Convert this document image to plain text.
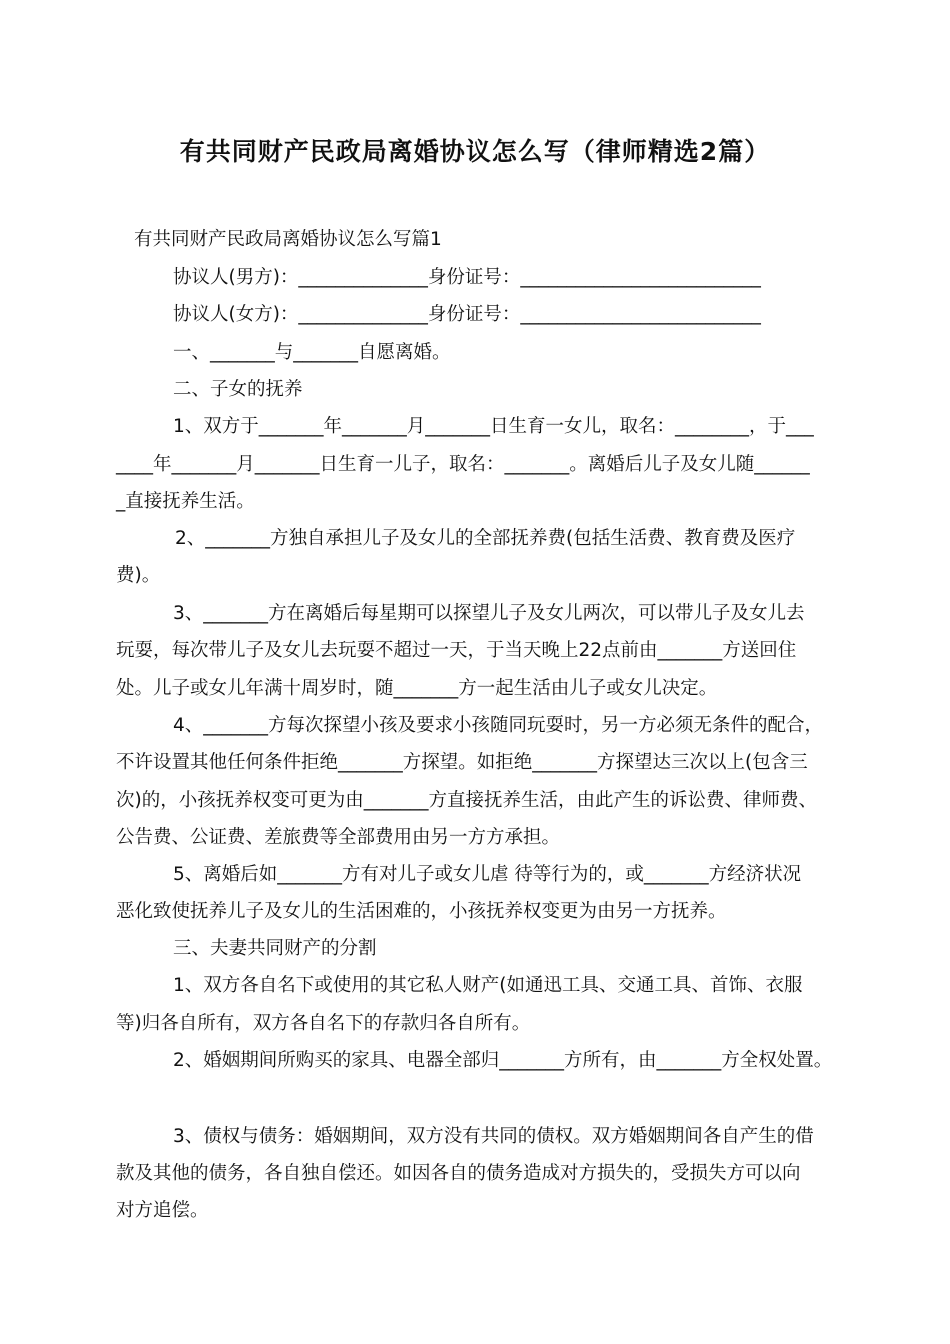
有共同财产民政局离婚协议怎么写（律师精选2篇）
有共同财产民政局离婚协议怎么写篇1
协议人(男方)：______________身份证号：__________________________
协议人(女方)：______________身份证号：__________________________
一、_______与_______自愿离婚。
二、子女的抚养
1、双方于_______年_______月_______日生育一女儿，取名：________，于___
____年_______月_______日生育一儿子，取名：_______。离婚后儿子及女儿随______
_直接抚养生活。
2、_______方独自承担儿子及女儿的全部抚养费(包括生活费、教育费及医疗
费)。
3、_______方在离婚后每星期可以探望儿子及女儿两次，可以带儿子及女儿去
玩耍，每次带儿子及女儿去玩耍不超过一天，于当天晚上22点前由_______方送回住
处。儿子或女儿年满十周岁时，随_______方一起生活由儿子或女儿决定。
4、_______方每次探望小孩及要求小孩随同玩耍时，另一方必须无条件的配合，
不许设置其他任何条件拒绝_______方探望。如拒绝_______方探望达三次以上(包含三
次)的，小孩抚养权变可更为由_______方直接抚养生活，由此产生的诉讼费、律师费、
公告费、公证费、差旅费等全部费用由另一方方承担。
5、离婚后如_______方有对儿子或女儿虐 待等行为的，或_______方经济状况
恶化致使抚养儿子及女儿的生活困难的，小孩抚养权变更为由另一方抚养。
三、夫妻共同财产的分割
1、双方各自名下或使用的其它私人财产(如通迅工具、交通工具、首饰、衣服
等)归各自所有，双方各自名下的存款归各自所有。
2、婚姻期间所购买的家具、电器全部归_______方所有，由_______方全权处置。
3、债权与债务：婚姻期间，双方没有共同的债权。双方婚姻期间各自产生的借
款及其他的债务，各自独自偿还。如因各自的债务造成对方损失的，受损失方可以向
对方追偿。
